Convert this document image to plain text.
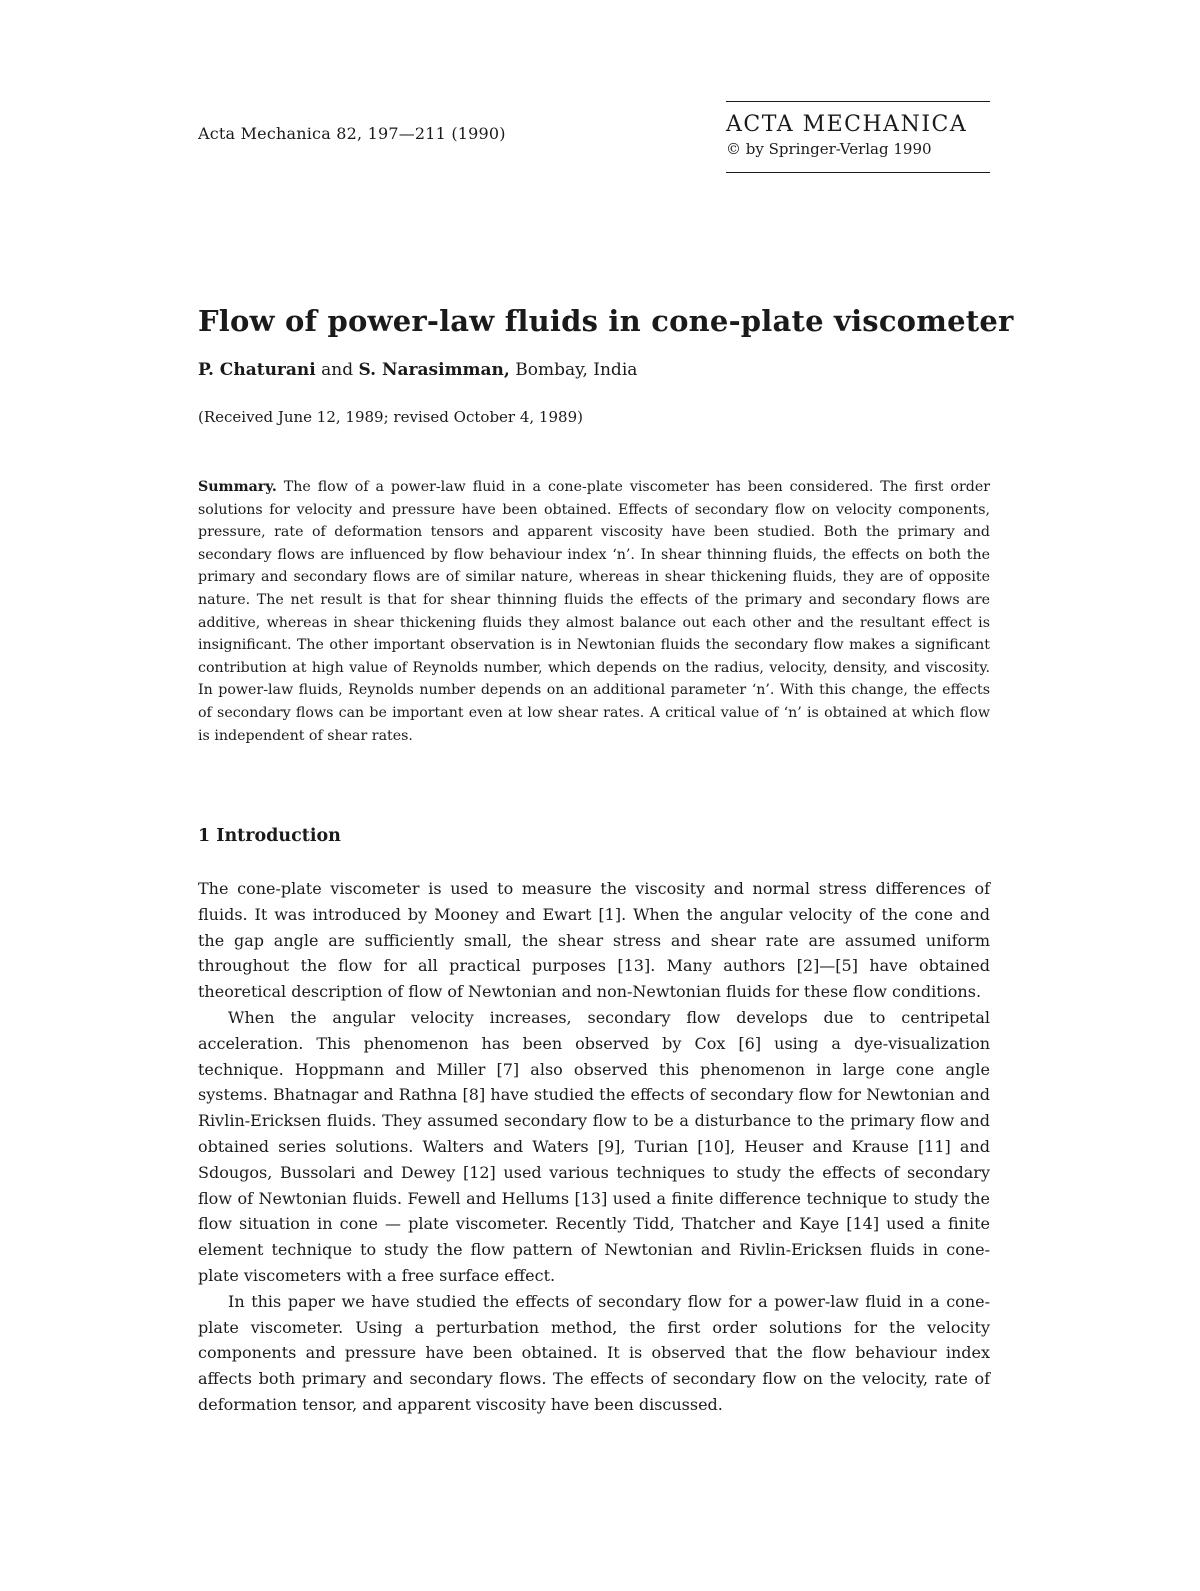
Acta Mechanica 82, 197—211 (1990)	ACTA MECHANICA
© by Springer-Verlag 1990
Flow of power-law fluids in cone-plate viscometer
P. Chaturani and S. Narasimman, Bombay, India
(Received June 12, 1989; revised October 4, 1989)

Summary. The flow of a power-law fluid in a cone-plate viscometer has been considered. The first order solutions for velocity and pressure have been obtained. Effects of secondary flow on velocity components, pressure, rate of deformation tensors and apparent viscosity have been studied. Both the primary and secondary flows are influenced by flow behaviour index ‘n’. In shear thinning fluids, the effects on both the primary and secondary flows are of similar nature, whereas in shear thickening fluids, they are of opposite nature. The net result is that for shear thinning fluids the effects of the primary and secondary flows are additive, whereas in shear thickening fluids they almost balance out each other and the resultant effect is insignificant. The other important observation is in Newtonian fluids the secondary flow makes a significant contribution at high value of Reynolds number, which depends on the radius, velocity, density, and viscosity. In power-law fluids, Reynolds number depends on an additional parameter ‘n’. With this change, the effects of secondary flows can be important even at low shear rates. A critical value of ‘n’ is obtained at which flow is independent of shear rates.

1 Introduction

The cone-plate viscometer is used to measure the viscosity and normal stress differences of fluids. It was introduced by Mooney and Ewart [1]. When the angular velocity of the cone and the gap angle are sufficiently small, the shear stress and shear rate are assumed uniform throughout the flow for all practical purposes [13]. Many authors [2]—[5] have obtained theoretical description of flow of Newtonian and non-Newtonian fluids for these flow conditions.

When the angular velocity increases, secondary flow develops due to centripetal acceleration. This phenomenon has been observed by Cox [6] using a dye-visualization technique. Hoppmann and Miller [7] also observed this phenomenon in large cone angle systems. Bhatnagar and Rathna [8] have studied the effects of secondary flow for Newtonian and Rivlin-Ericksen fluids. They assumed secondary flow to be a disturbance to the primary flow and obtained series solutions. Walters and Waters [9], Turian [10], Heuser and Krause [11] and Sdougos, Bussolari and Dewey [12] used various techniques to study the effects of secondary flow of Newtonian fluids. Fewell and Hellums [13] used a finite difference technique to study the flow situation in cone — plate viscometer. Recently Tidd, Thatcher and Kaye [14] used a finite element technique to study the flow pattern of Newtonian and Rivlin-Ericksen fluids in cone-plate viscometers with a free surface effect.

In this paper we have studied the effects of secondary flow for a power-law fluid in a cone-plate viscometer. Using a perturbation method, the first order solutions for the velocity components and pressure have been obtained. It is observed that the flow behaviour index affects both primary and secondary flows. The effects of secondary flow on the velocity, rate of deformation tensor, and apparent viscosity have been discussed.
